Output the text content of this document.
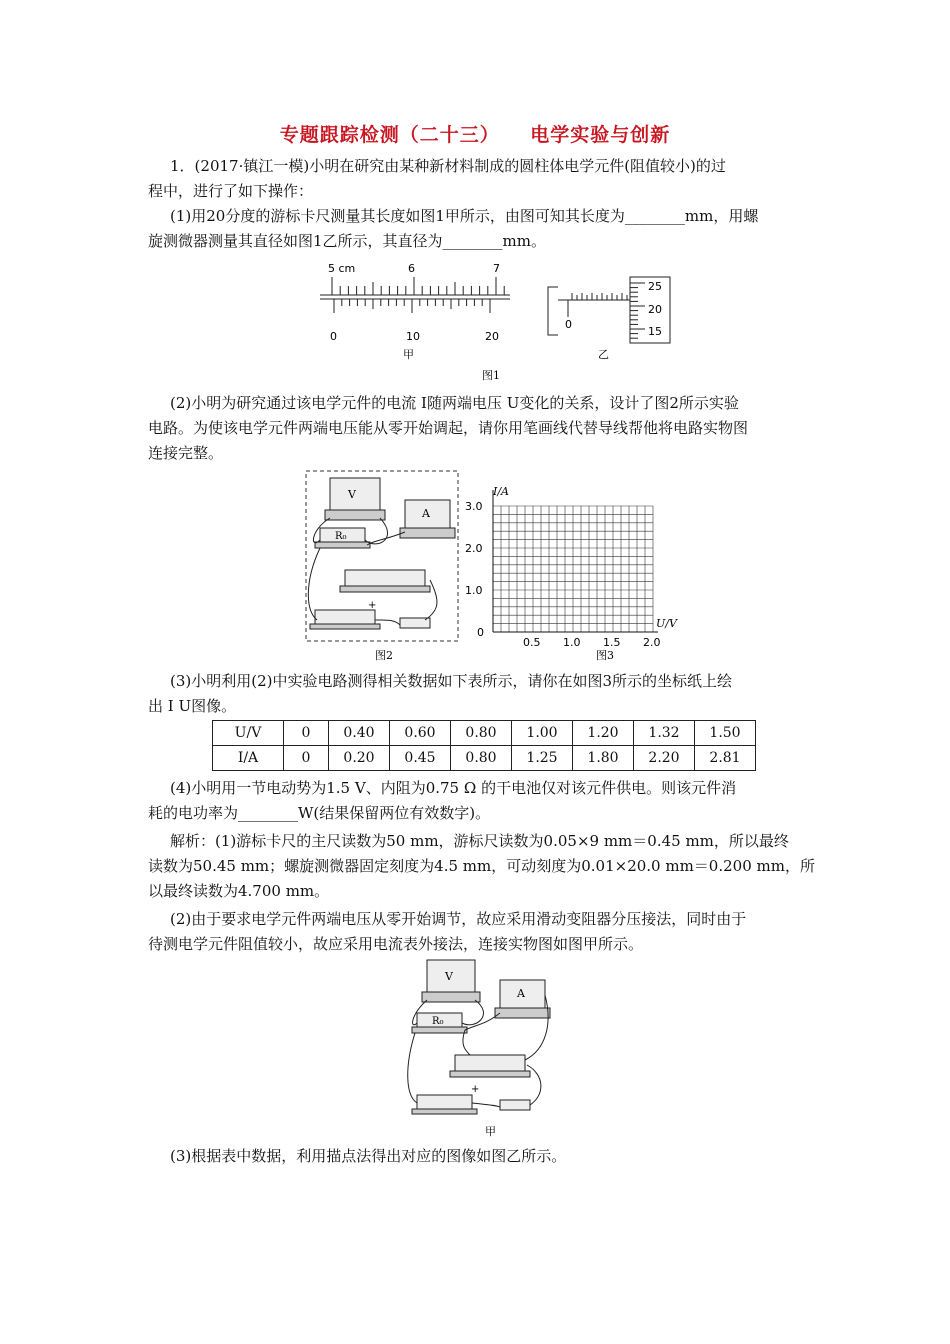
专题跟踪检测（二十三）    电学实验与创新
1．(2017·镇江一模)小明在研究由某种新材料制成的圆柱体电学元件(阻值较小)的过
程中，进行了如下操作：
(1)用20分度的游标卡尺测量其长度如图1甲所示，由图可知其长度为________mm，用螺
旋测微器测量其直径如图1乙所示，其直径为________mm。
5 cm	6	7
0	10	20
甲
0
25
20
15
乙
图1
(2)小明为研究通过该电学元件的电流 I随两端电压 U变化的关系，设计了图2所示实验
电路。为使该电学元件两端电压能从零开始调起，请你用笔画线代替导线帮他将电路实物图
连接完整。
V
A
R₀
+
图2
I/A
U/V
3.0
2.0
1.0
0
0.5 1.0 1.5 2.0
图3
(3)小明利用(2)中实验电路测得相关数据如下表所示，请你在如图3所示的坐标纸上绘
出 I U图像。
U/V	0	0.40	0.60	0.80	1.00	1.20	1.32	1.50
I/A	0	0.20	0.45	0.80	1.25	1.80	2.20	2.81
(4)小明用一节电动势为1.5 V、内阻为0.75 Ω 的干电池仅对该元件供电。则该元件消
耗的电功率为________W(结果保留两位有效数字)。
解析：(1)游标卡尺的主尺读数为50 mm，游标尺读数为0.05×9 mm＝0.45 mm，所以最终
读数为50.45 mm；螺旋测微器固定刻度为4.5 mm，可动刻度为0.01×20.0 mm＝0.200 mm，所
以最终读数为4.700 mm。
(2)由于要求电学元件两端电压从零开始调节，故应采用滑动变阻器分压接法，同时由于
待测电学元件阻值较小，故应采用电流表外接法，连接实物图如图甲所示。
V
A
R₀
+
甲
(3)根据表中数据，利用描点法得出对应的图像如图乙所示。
